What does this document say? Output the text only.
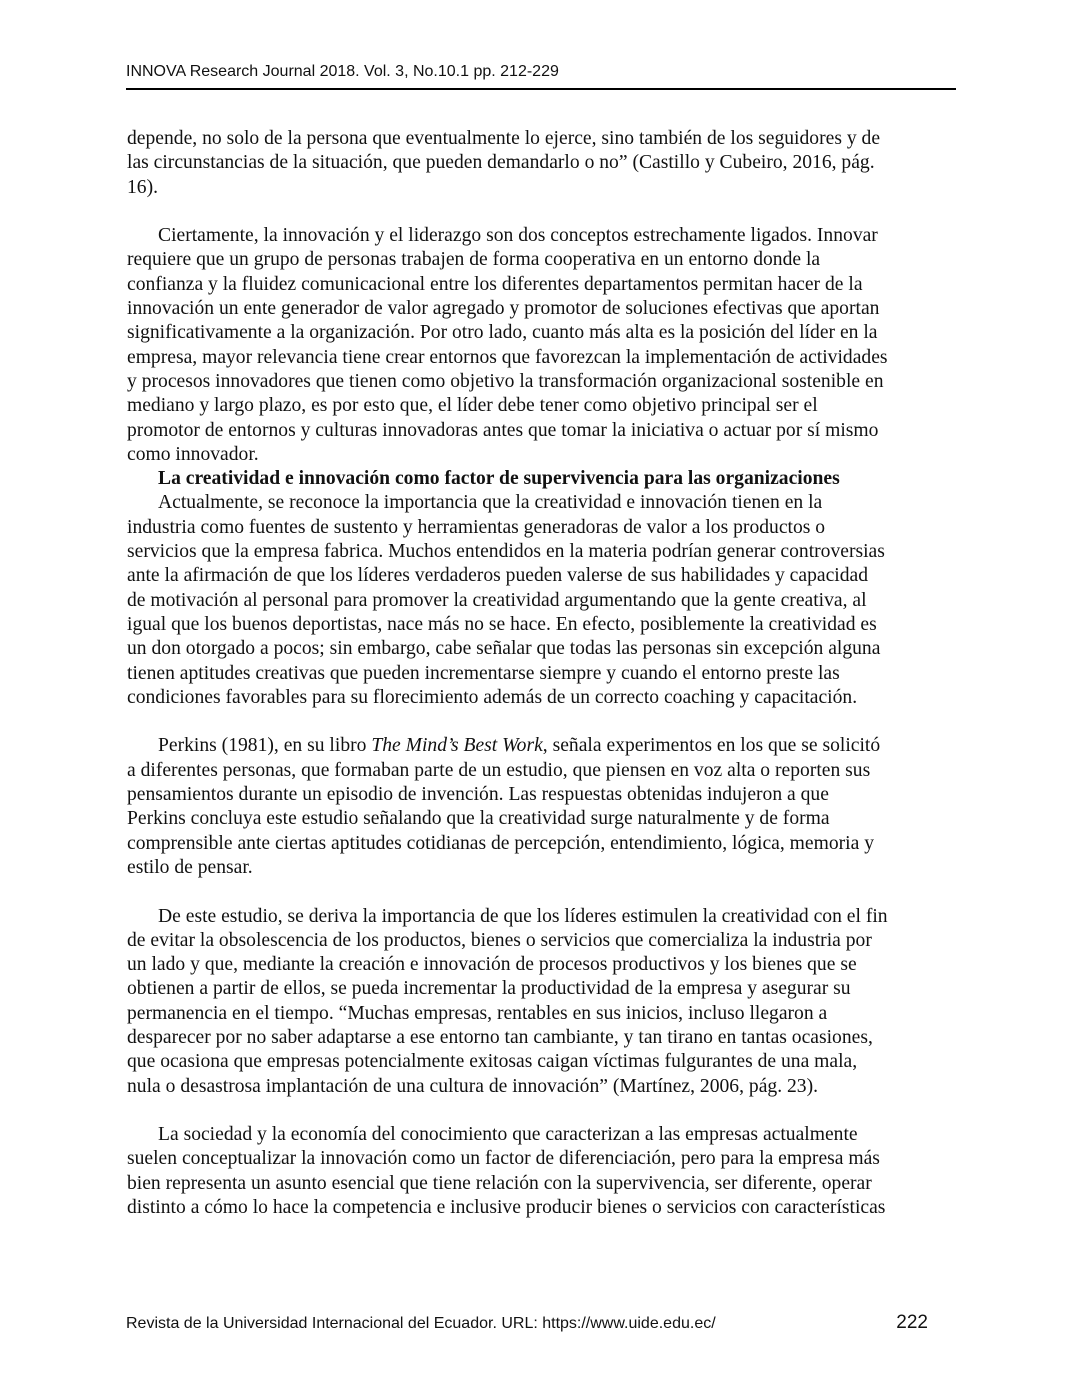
INNOVA Research Journal 2018. Vol. 3, No.10.1 pp. 212-229

depende, no solo de la persona que eventualmente lo ejerce, sino también de los seguidores y de
las circunstancias de la situación, que pueden demandarlo o no” (Castillo y Cubeiro, 2016, pág.
16).

Ciertamente, la innovación y el liderazgo son dos conceptos estrechamente ligados. Innovar
requiere que un grupo de personas trabajen de forma cooperativa en un entorno donde la
confianza y la fluidez comunicacional entre los diferentes departamentos permitan hacer de la
innovación un ente generador de valor agregado y promotor de soluciones efectivas que aportan
significativamente a la organización. Por otro lado, cuanto más alta es la posición del líder en la
empresa, mayor relevancia tiene crear entornos que favorezcan la implementación de actividades
y procesos innovadores que tienen como objetivo la transformación organizacional sostenible en
mediano y largo plazo, es por esto que, el líder debe tener como objetivo principal ser el
promotor de entornos y culturas innovadoras antes que tomar la iniciativa o actuar por sí mismo
como innovador.

La creatividad e innovación como factor de supervivencia para las organizaciones

Actualmente, se reconoce la importancia que la creatividad e innovación tienen en la
industria como fuentes de sustento y herramientas generadoras de valor a los productos o
servicios que la empresa fabrica. Muchos entendidos en la materia podrían generar controversias
ante la afirmación de que los líderes verdaderos pueden valerse de sus habilidades y capacidad
de motivación al personal para promover la creatividad argumentando que la gente creativa, al
igual que los buenos deportistas, nace más no se hace. En efecto, posiblemente la creatividad es
un don otorgado a pocos; sin embargo, cabe señalar que todas las personas sin excepción alguna
tienen aptitudes creativas que pueden incrementarse siempre y cuando el entorno preste las
condiciones favorables para su florecimiento además de un correcto coaching y capacitación.

Perkins (1981), en su libro The Mind’s Best Work, señala experimentos en los que se solicitó
a diferentes personas, que formaban parte de un estudio, que piensen en voz alta o reporten sus
pensamientos durante un episodio de invención. Las respuestas obtenidas indujeron a que
Perkins concluya este estudio señalando que la creatividad surge naturalmente y de forma
comprensible ante ciertas aptitudes cotidianas de percepción, entendimiento, lógica, memoria y
estilo de pensar.

De este estudio, se deriva la importancia de que los líderes estimulen la creatividad con el fin
de evitar la obsolescencia de los productos, bienes o servicios que comercializa la industria por
un lado y que, mediante la creación e innovación de procesos productivos y los bienes que se
obtienen a partir de ellos, se pueda incrementar la productividad de la empresa y asegurar su
permanencia en el tiempo. “Muchas empresas, rentables en sus inicios, incluso llegaron a
desparecer por no saber adaptarse a ese entorno tan cambiante, y tan tirano en tantas ocasiones,
que ocasiona que empresas potencialmente exitosas caigan víctimas fulgurantes de una mala,
nula o desastrosa implantación de una cultura de innovación” (Martínez, 2006, pág. 23).

La sociedad y la economía del conocimiento que caracterizan a las empresas actualmente
suelen conceptualizar la innovación como un factor de diferenciación, pero para la empresa más
bien representa un asunto esencial que tiene relación con la supervivencia, ser diferente, operar
distinto a cómo lo hace la competencia e inclusive producir bienes o servicios con características

Revista de la Universidad Internacional del Ecuador. URL: https://www.uide.edu.ec/	222
